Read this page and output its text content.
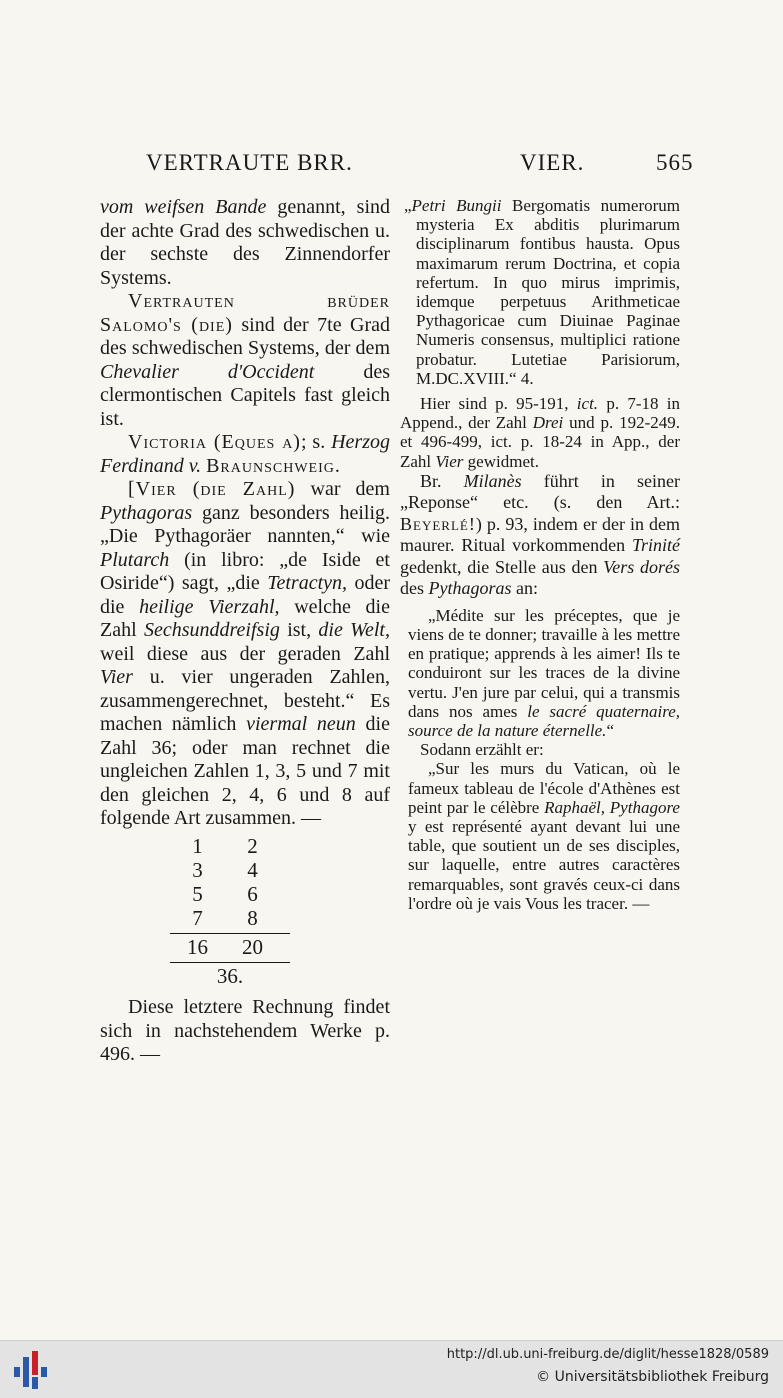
VERTRAUTE BRR.	VIER.	565

vom weifsen Bande genannt, sind der achte Grad des schwedischen u. der sechste des Zinnendorfer Systems.

Vertrauten brüder Salomo's (die) sind der 7te Grad des schwedischen Systems, der dem Chevalier d'Occident des clermontischen Capitels fast gleich ist.

Victoria (Eques a); s. Herzog Ferdinand v. Braunschweig.

[Vier (die Zahl) war dem Pythagoras ganz besonders heilig. „Die Pythagoräer nannten,“ wie Plutarch (in libro: „de Iside et Osiride“) sagt, „die Tetractyn, oder die heilige Vierzahl, welche die Zahl Sechsunddreifsig ist, die Welt, weil diese aus der geraden Zahl Vier u. vier ungeraden Zahlen, zusammengerechnet, besteht.“ Es machen nämlich viermal neun die Zahl 36; oder man rechnet die ungleichen Zahlen 1, 3, 5 und 7 mit den gleichen 2, 4, 6 und 8 auf folgende Art zusammen. —

1 2
3 4
5 6
7 8
16 20
36.

Diese letztere Rechnung findet sich in nachstehendem Werke p. 496. —

„Petri Bungii Bergomatis numerorum mysteria Ex abditis plurimarum disciplinarum fontibus hausta. Opus maximarum rerum Doctrina, et copia refertum. In quo mirus imprimis, idemque perpetuus Arithmeticae Pythagoricae cum Diuinae Paginae Numeris consensus, multiplici ratione probatur. Lutetiae Parisiorum, M.DC.XVIII.“ 4.

Hier sind p. 95-191, ict. p. 7-18 in Append., der Zahl Drei und p. 192-249. et 496-499, ict. p. 18-24 in App., der Zahl Vier gewidmet.

Br. Milanès führt in seiner „Reponse“ etc. (s. den Art.: Beyerlé!) p. 93, indem er der in dem maurer. Ritual vorkommenden Trinité gedenkt, die Stelle aus den Vers dorés des Pythagoras an:

„Médite sur les préceptes, que je viens de te donner; travaille à les mettre en pratique; apprends à les aimer! Ils te conduiront sur les traces de la divine vertu. J'en jure par celui, qui a transmis dans nos ames le sacré quaternaire, source de la nature éternelle.“

Sodann erzählt er:

„Sur les murs du Vatican, où le fameux tableau de l'école d'Athènes est peint par le célèbre Raphaël, Pythagore y est représenté ayant devant lui une table, que soutient un de ses disciples, sur laquelle, entre autres caractères remarquables, sont gravés ceux-ci dans l'ordre où je vais Vous les tracer. —

http://dl.ub.uni-freiburg.de/diglit/hesse1828/0589
© Universitätsbibliothek Freiburg
